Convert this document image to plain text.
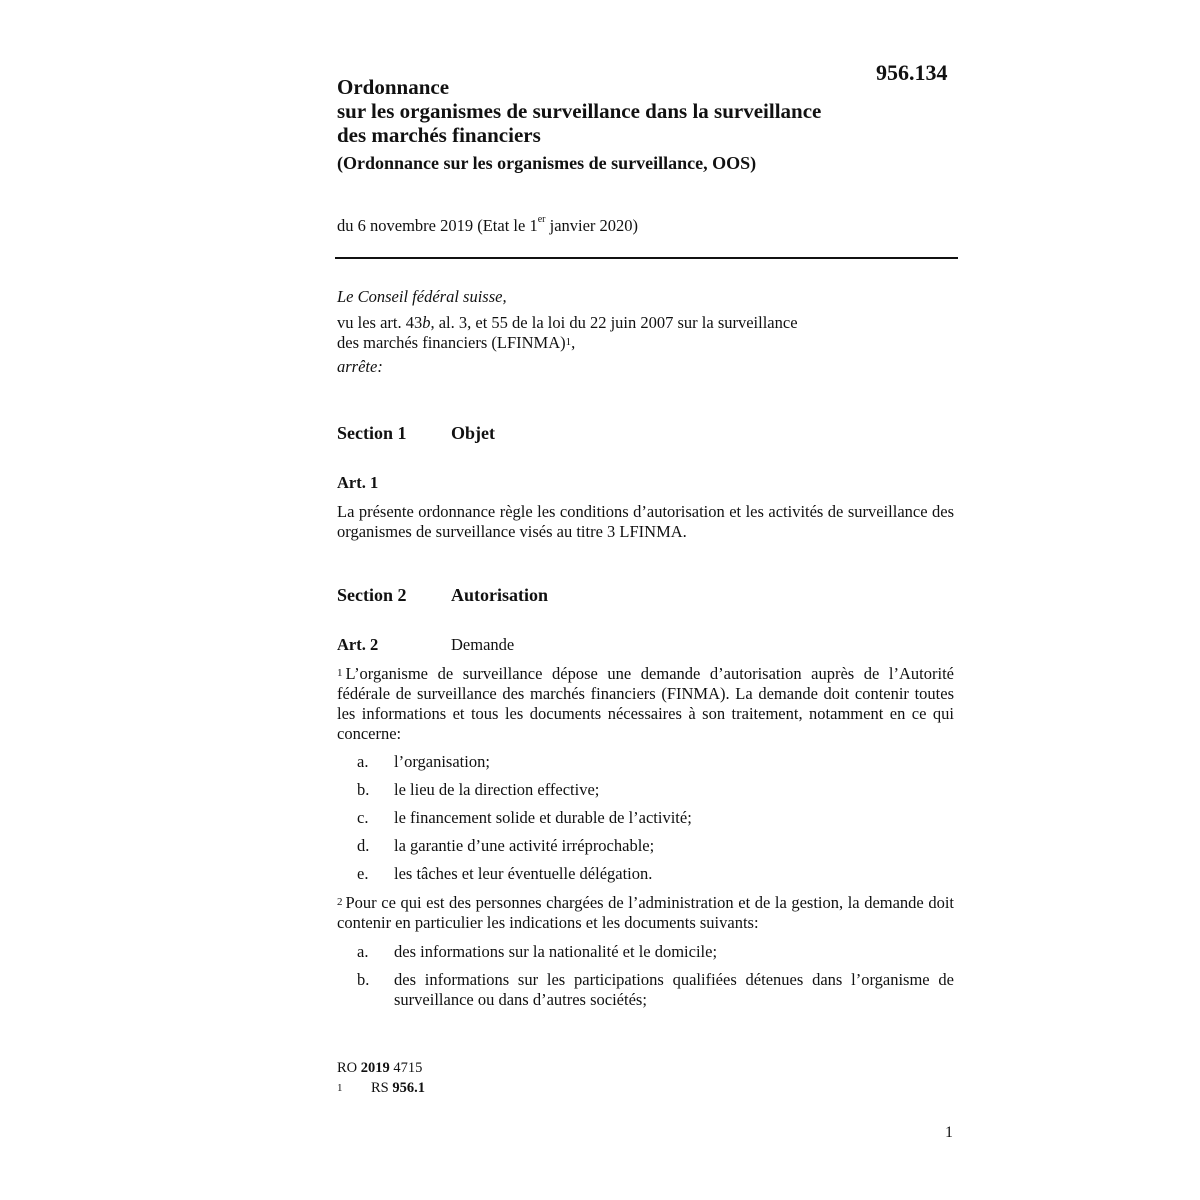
956.134
Ordonnance
sur les organismes de surveillance dans la surveillance
des marchés financiers
(Ordonnance sur les organismes de surveillance, OOS)
du 6 novembre 2019 (Etat le 1er janvier 2020)
Le Conseil fédéral suisse,
vu les art. 43b, al. 3, et 55 de la loi du 22 juin 2007 sur la surveillance
des marchés financiers (LFINMA)$^1$,
arrête:
Section 1 Objet
Art. 1
La présente ordonnance règle les conditions d’autorisation et les activités de surveillance des organismes de surveillance visés au titre 3 LFINMA.
Section 2 Autorisation
Art. 2	Demande
$^1$ L’organisme de surveillance dépose une demande d’autorisation auprès de l’Autorité fédérale de surveillance des marchés financiers (FINMA). La demande doit contenir toutes les informations et tous les documents nécessaires à son traitement, notamment en ce qui concerne:
a. l’organisation;
b. le lieu de la direction effective;
c. le financement solide et durable de l’activité;
d. la garantie d’une activité irréprochable;
e. les tâches et leur éventuelle délégation.
$^2$ Pour ce qui est des personnes chargées de l’administration et de la gestion, la demande doit contenir en particulier les indications et les documents suivants:
a. des informations sur la nationalité et le domicile;
b. des informations sur les participations qualifiées détenues dans l’organisme de surveillance ou dans d’autres sociétés;
RO 2019 4715
1 RS 956.1
1
